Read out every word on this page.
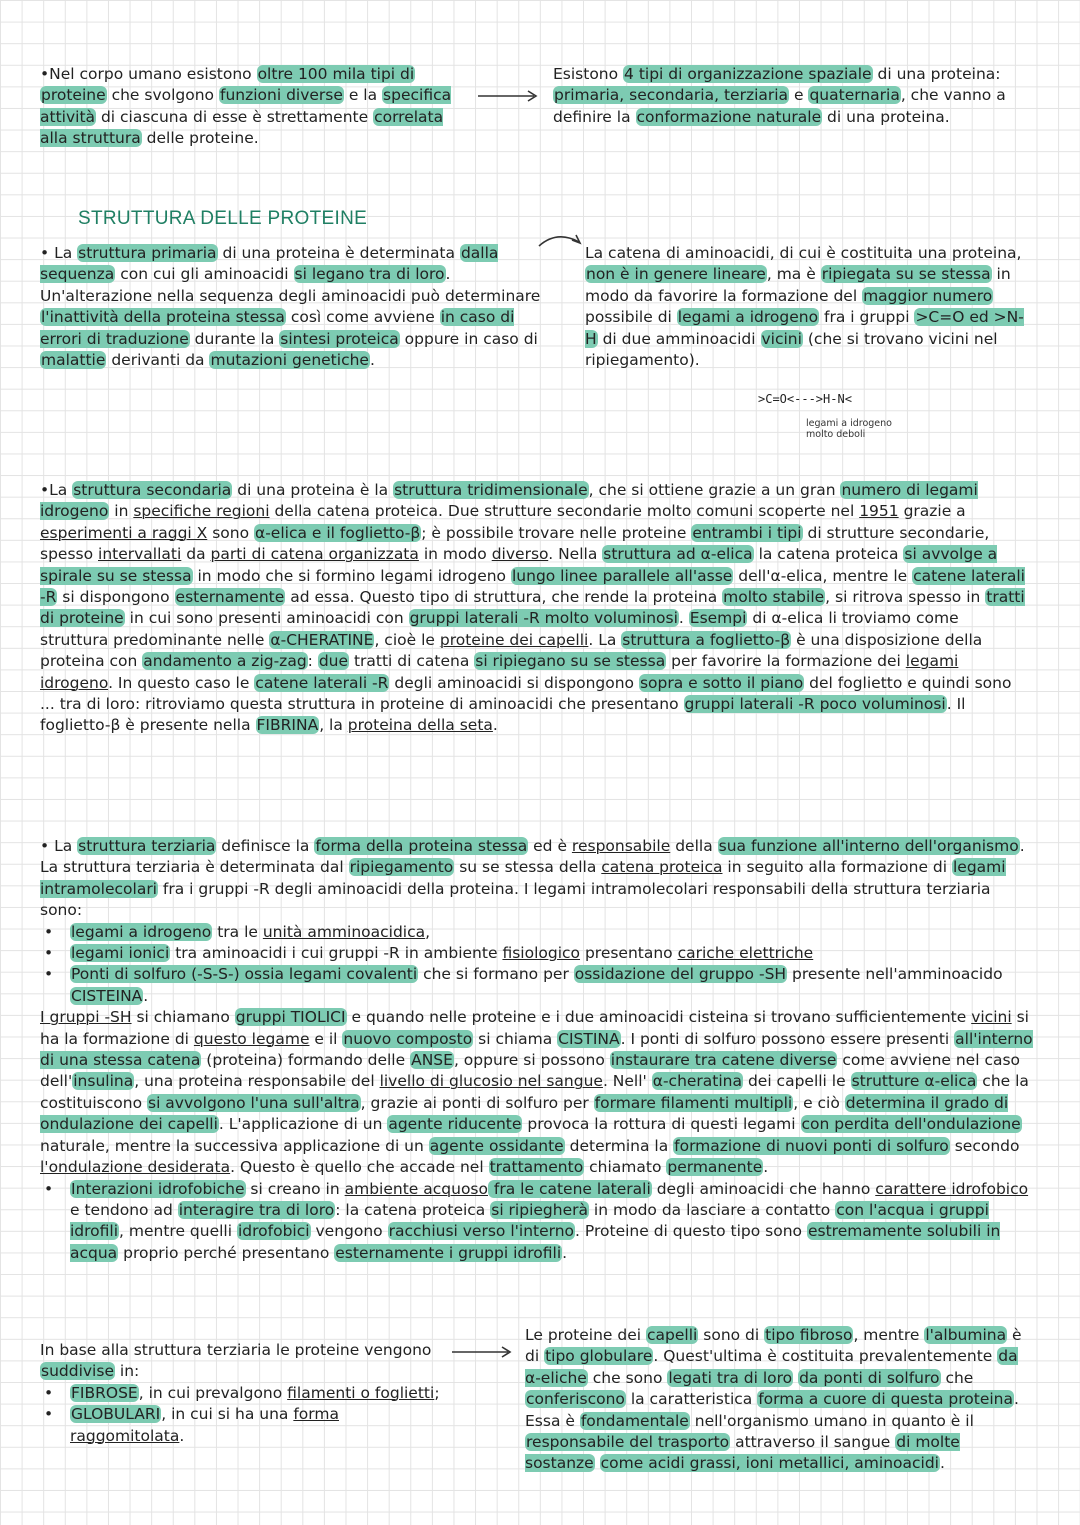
•Nel corpo umano esistono oltre 100 mila tipi di proteine che svolgono funzioni diverse e la specifica attività di ciascuna di esse è strettamente correlata alla struttura delle proteine.

Esistono 4 tipi di organizzazione spaziale di una proteina: primaria, secondaria, terziaria e quaternaria, che vanno a definire la conformazione naturale di una proteina.

STRUTTURA DELLE PROTEINE

• La struttura primaria di una proteina è determinata dalla sequenza con cui gli aminoacidi si legano tra di loro. Un'alterazione nella sequenza degli aminoacidi può determinare l'inattività della proteina stessa così come avviene in caso di errori di traduzione durante la sintesi proteica oppure in caso di malattie derivanti da mutazioni genetiche.

La catena di aminoacidi, di cui è costituita una proteina, non è in genere lineare, ma è ripiegata su se stessa in modo da favorire la formazione del maggior numero possibile di legami a idrogeno fra i gruppi >C=O ed >N-H di due amminoacidi vicini (che si trovano vicini nel ripiegamento).

>C=O<--->H-N<
legami a idrogeno molto deboli

•La struttura secondaria di una proteina è la struttura tridimensionale, che si ottiene grazie a un gran numero di legami idrogeno in specifiche regioni della catena proteica. Due strutture secondarie molto comuni scoperte nel 1951 grazie a esperimenti a raggi X sono α-elica e il foglietto-β; è possibile trovare nelle proteine entrambi i tipi di strutture secondarie, spesso intervallati da parti di catena organizzata in modo diverso. Nella struttura ad α-elica la catena proteica si avvolge a spirale su se stessa in modo che si formino legami idrogeno lungo linee parallele all'asse dell'α-elica, mentre le catene laterali -R si dispongono esternamente ad essa. Questo tipo di struttura, che rende la proteina molto stabile, si ritrova spesso in tratti di proteine in cui sono presenti aminoacidi con gruppi laterali -R molto voluminosi. Esempi di α-elica li troviamo come struttura predominante nelle α-CHERATINE, cioè le proteine dei capelli. La struttura a foglietto-β è una disposizione della proteina con andamento a zig-zag: due tratti di catena si ripiegano su se stessa per favorire la formazione dei legami idrogeno. In questo caso le catene laterali -R degli aminoacidi si dispongono sopra e sotto il piano del foglietto e quindi sono ... tra di loro: ritroviamo questa struttura in proteine di aminoacidi che presentano gruppi laterali -R poco voluminosi. Il foglietto-β è presente nella FIBRINA, la proteina della seta.

• La struttura terziaria definisce la forma della proteina stessa ed è responsabile della sua funzione all'interno dell'organismo. La struttura terziaria è determinata dal ripiegamento su se stessa della catena proteica in seguito alla formazione di legami intramolecolari fra i gruppi -R degli aminoacidi della proteina. I legami intramolecolari responsabili della struttura terziaria sono:

• legami a idrogeno tra le unità amminoacidica,
• legami ionici tra aminoacidi i cui gruppi -R in ambiente fisiologico presentano cariche elettriche
• Ponti di solfuro (-S-S-) ossia legami covalenti che si formano per ossidazione del gruppo -SH presente nell'amminoacido CISTEINA.

I gruppi -SH si chiamano gruppi TIOLICI e quando nelle proteine e i due aminoacidi cisteina si trovano sufficientemente vicini si ha la formazione di questo legame e il nuovo composto si chiama CISTINA. I ponti di solfuro possono essere presenti all'interno di una stessa catena (proteina) formando delle ANSE, oppure si possono instaurare tra catene diverse come avviene nel caso dell'insulina, una proteina responsabile del livello di glucosio nel sangue. Nell' α-cheratina dei capelli le strutture α-elica che la costituiscono si avvolgono l'una sull'altra, grazie ai ponti di solfuro per formare filamenti multipli, e ciò determina il grado di ondulazione dei capelli. L'applicazione di un agente riducente provoca la rottura di questi legami con perdita dell'ondulazione naturale, mentre la successiva applicazione di un agente ossidante determina la formazione di nuovi ponti di solfuro secondo l'ondulazione desiderata. Questo è quello che accade nel trattamento chiamato permanente.

• Interazioni idrofobiche si creano in ambiente acquoso fra le catene laterali degli aminoacidi che hanno carattere idrofobico e tendono ad interagire tra di loro: la catena proteica si ripiegherà in modo da lasciare a contatto con l'acqua i gruppi idrofili, mentre quelli idrofobici vengono racchiusi verso l'interno. Proteine di questo tipo sono estremamente solubili in acqua proprio perché presentano esternamente i gruppi idrofili.

In base alla struttura terziaria le proteine vengono suddivise in:

• FIBROSE, in cui prevalgono filamenti o foglietti;
• GLOBULARI, in cui si ha una forma raggomitolata.

Le proteine dei capelli sono di tipo fibroso, mentre l'albumina è di tipo globulare. Quest'ultima è costituita prevalentemente da α-eliche che sono legati tra di loro da ponti di solfuro che conferiscono la caratteristica forma a cuore di questa proteina. Essa è fondamentale nell'organismo umano in quanto è il responsabile del trasporto attraverso il sangue di molte sostanze come acidi grassi, ioni metallici, aminoacidi.
